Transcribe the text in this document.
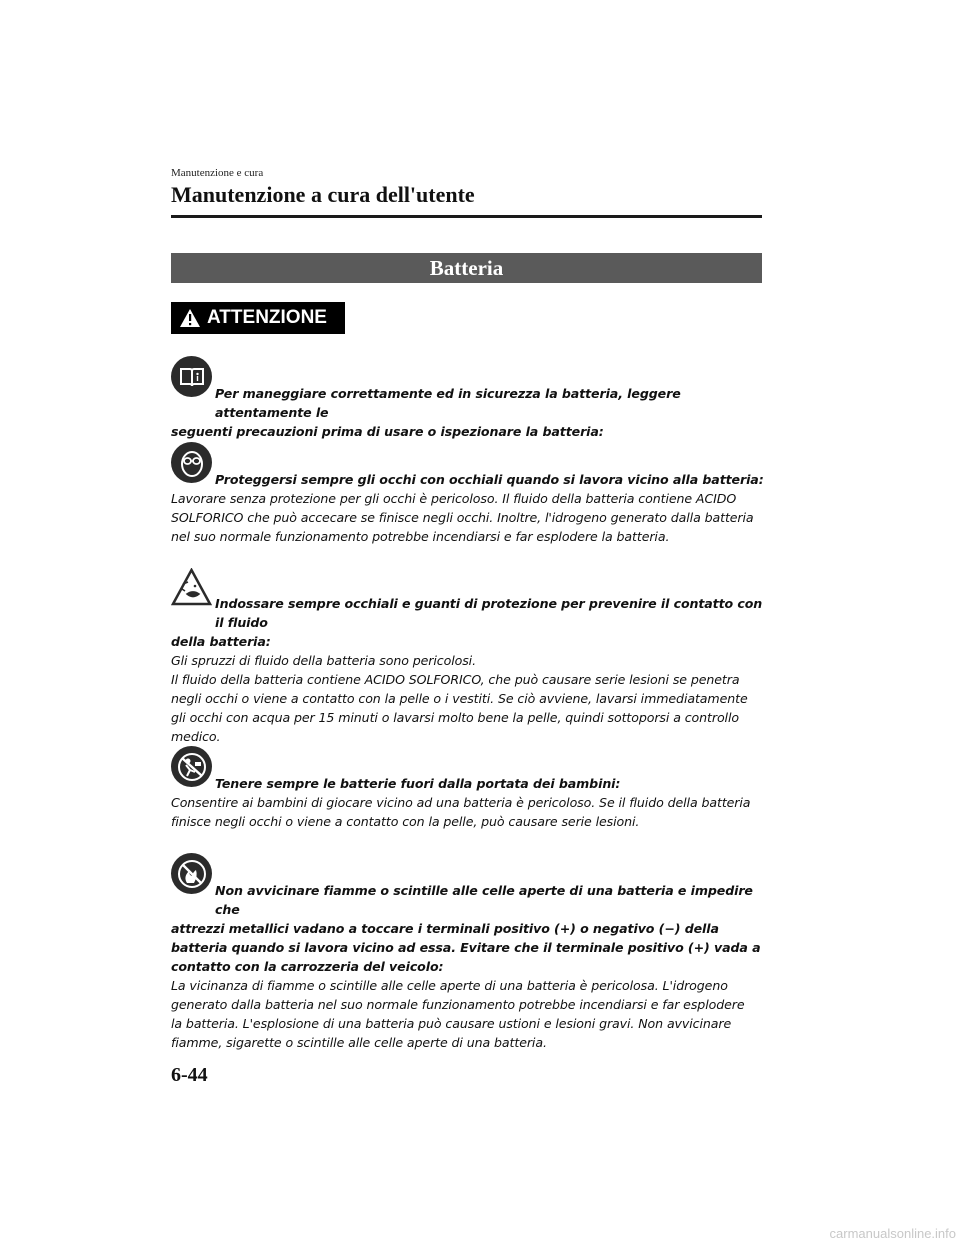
Manutenzione e cura
Manutenzione a cura dell'utente
Batteria
ATTENZIONE

Per maneggiare correttamente ed in sicurezza la batteria, leggere attentamente le
seguenti precauzioni prima di usare o ispezionare la batteria:

Proteggersi sempre gli occhi con occhiali quando si lavora vicino alla batteria:

Lavorare senza protezione per gli occhi è pericoloso. Il fluido della batteria contiene ACIDO

SOLFORICO che può accecare se finisce negli occhi. Inoltre, l'idrogeno generato dalla batteria

nel suo normale funzionamento potrebbe incendiarsi e far esplodere la batteria.

Indossare sempre occhiali e guanti di protezione per prevenire il contatto con il fluido
della batteria:

Gli spruzzi di fluido della batteria sono pericolosi.

Il fluido della batteria contiene ACIDO SOLFORICO, che può causare serie lesioni se penetra

negli occhi o viene a contatto con la pelle o i vestiti. Se ciò avviene, lavarsi immediatamente

gli occhi con acqua per 15 minuti o lavarsi molto bene la pelle, quindi sottoporsi a controllo

medico.

Tenere sempre le batterie fuori dalla portata dei bambini:

Consentire ai bambini di giocare vicino ad una batteria è pericoloso. Se il fluido della batteria

finisce negli occhi o viene a contatto con la pelle, può causare serie lesioni.

Non avvicinare fiamme o scintille alle celle aperte di una batteria e impedire che
attrezzi metallici vadano a toccare i terminali positivo (+) o negativo (−) della batteria quando si lavora vicino ad essa. Evitare che il terminale positivo (+) vada a contatto con la carrozzeria del veicolo:

La vicinanza di fiamme o scintille alle celle aperte di una batteria è pericolosa. L'idrogeno

generato dalla batteria nel suo normale funzionamento potrebbe incendiarsi e far esplodere

la batteria. L'esplosione di una batteria può causare ustioni e lesioni gravi. Non avvicinare

fiamme, sigarette o scintille alle celle aperte di una batteria.

6-44
carmanualsonline.info
